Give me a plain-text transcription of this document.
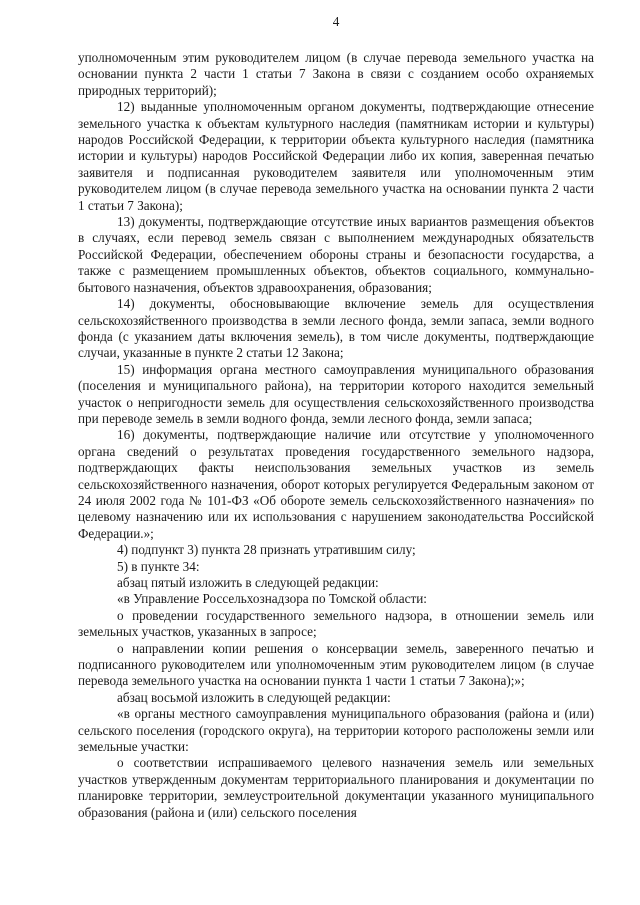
4

уполномоченным этим руководителем лицом (в случае перевода земельного участка на основании пункта 2 части 1 статьи 7 Закона в связи с созданием особо охраняемых природных территорий);

12) выданные уполномоченным органом документы, подтверждающие отнесение земельного участка к объектам культурного наследия (памятникам истории и культуры) народов Российской Федерации, к территории объекта культурного наследия (памятника истории и культуры) народов Российской Федерации либо их копия, заверенная печатью заявителя и подписанная руководителем заявителя или уполномоченным этим руководителем лицом (в случае перевода земельного участка на основании пункта 2 части 1 статьи 7 Закона);

13) документы, подтверждающие отсутствие иных вариантов размещения объектов в случаях, если перевод земель связан с выполнением международных обязательств Российской Федерации, обеспечением обороны страны и безопасности государства, а также с размещением промышленных объектов, объектов социального, коммунально-бытового назначения, объектов здравоохранения, образования;

14) документы, обосновывающие включение земель для осуществления сельскохозяйственного производства в земли лесного фонда, земли запаса, земли водного фонда (с указанием даты включения земель), в том числе документы, подтверждающие случаи, указанные в пункте 2 статьи 12 Закона;

15) информация органа местного самоуправления муниципального образования (поселения и муниципального района), на территории которого находится земельный участок о непригодности земель для осуществления сельскохозяйственного производства при переводе земель в земли водного фонда, земли лесного фонда, земли запаса;

16) документы, подтверждающие наличие или отсутствие у уполномоченного органа сведений о результатах проведения государственного земельного надзора, подтверждающих факты неиспользования земельных участков из земель сельскохозяйственного назначения, оборот которых регулируется Федеральным законом от 24 июля 2002 года № 101-ФЗ «Об обороте земель сельскохозяйственного назначения» по целевому назначению или их использования с нарушением законодательства Российской Федерации.»;

4) подпункт 3) пункта 28 признать утратившим силу;

5) в пункте 34:

абзац пятый изложить в следующей редакции:

«в Управление Россельхознадзора по Томской области:

о проведении государственного земельного надзора, в отношении земель или земельных участков, указанных в запросе;

о направлении копии решения о консервации земель, заверенного печатью и подписанного руководителем или уполномоченным этим руководителем лицом (в случае перевода земельного участка на основании пункта 1 части 1 статьи 7 Закона);»;

абзац восьмой изложить в следующей редакции:

«в органы местного самоуправления муниципального образования (района и (или) сельского поселения (городского округа), на территории которого расположены земли или земельные участки:

о соответствии испрашиваемого целевого назначения земель или земельных участков утвержденным документам территориального планирования и документации по планировке территории, землеустроительной документации указанного муниципального образования (района и (или) сельского поселения
